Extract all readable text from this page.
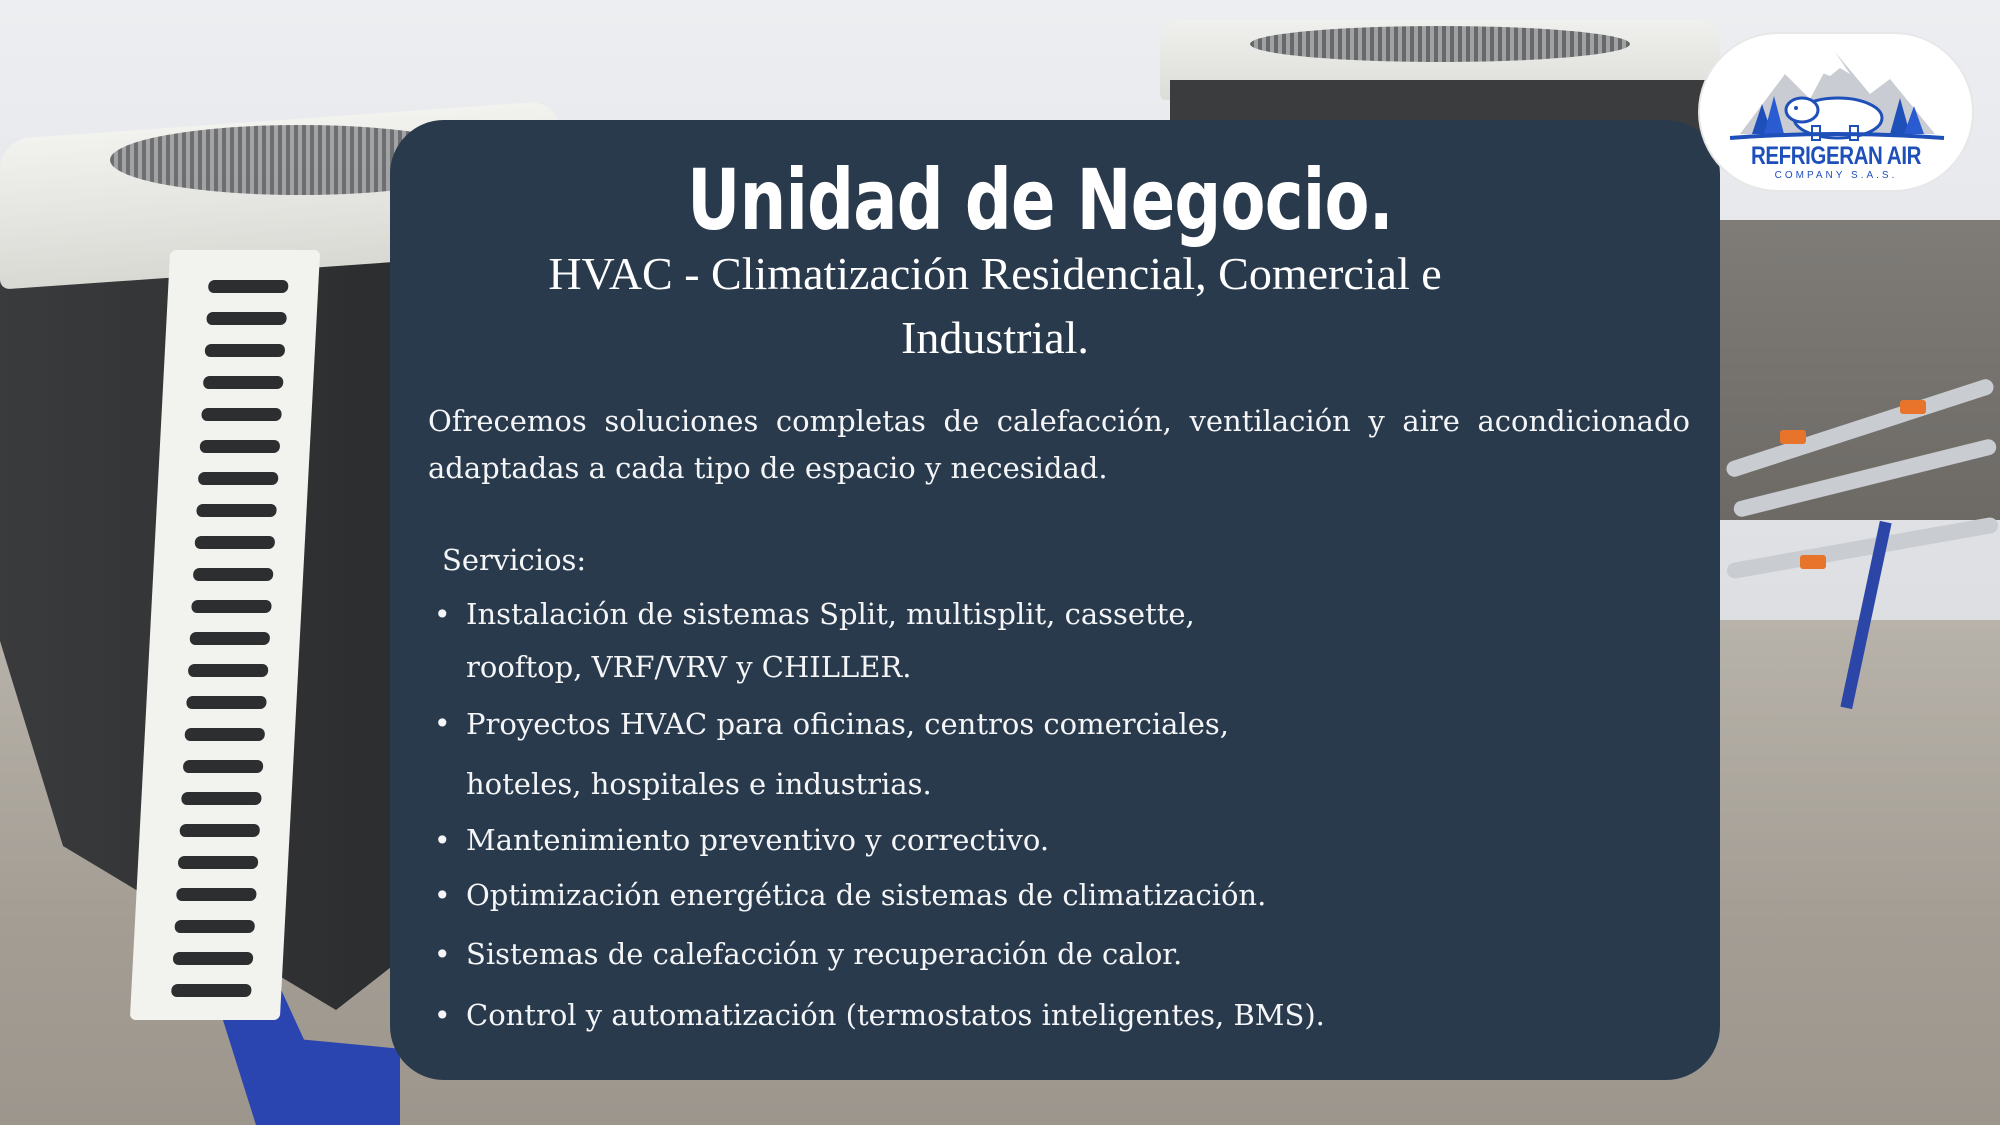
Unidad de Negocio.
HVAC - Climatización Residencial, Comercial e
Industrial.
Ofrecemos soluciones completas de calefacción, ventilación y aire acondicionado
adaptadas a cada tipo de espacio y necesidad.
Servicios:
• Instalación de sistemas Split, multisplit, cassette, rooftop, VRF/VRV y CHILLER.
• Proyectos HVAC para oficinas, centros comerciales, hoteles, hospitales e industrias.
• Mantenimiento preventivo y correctivo.
• Optimización energética de sistemas de climatización.
• Sistemas de calefacción y recuperación de calor.
• Control y automatización (termostatos inteligentes, BMS).
REFRIGERAN AIR
COMPANY S.A.S.
